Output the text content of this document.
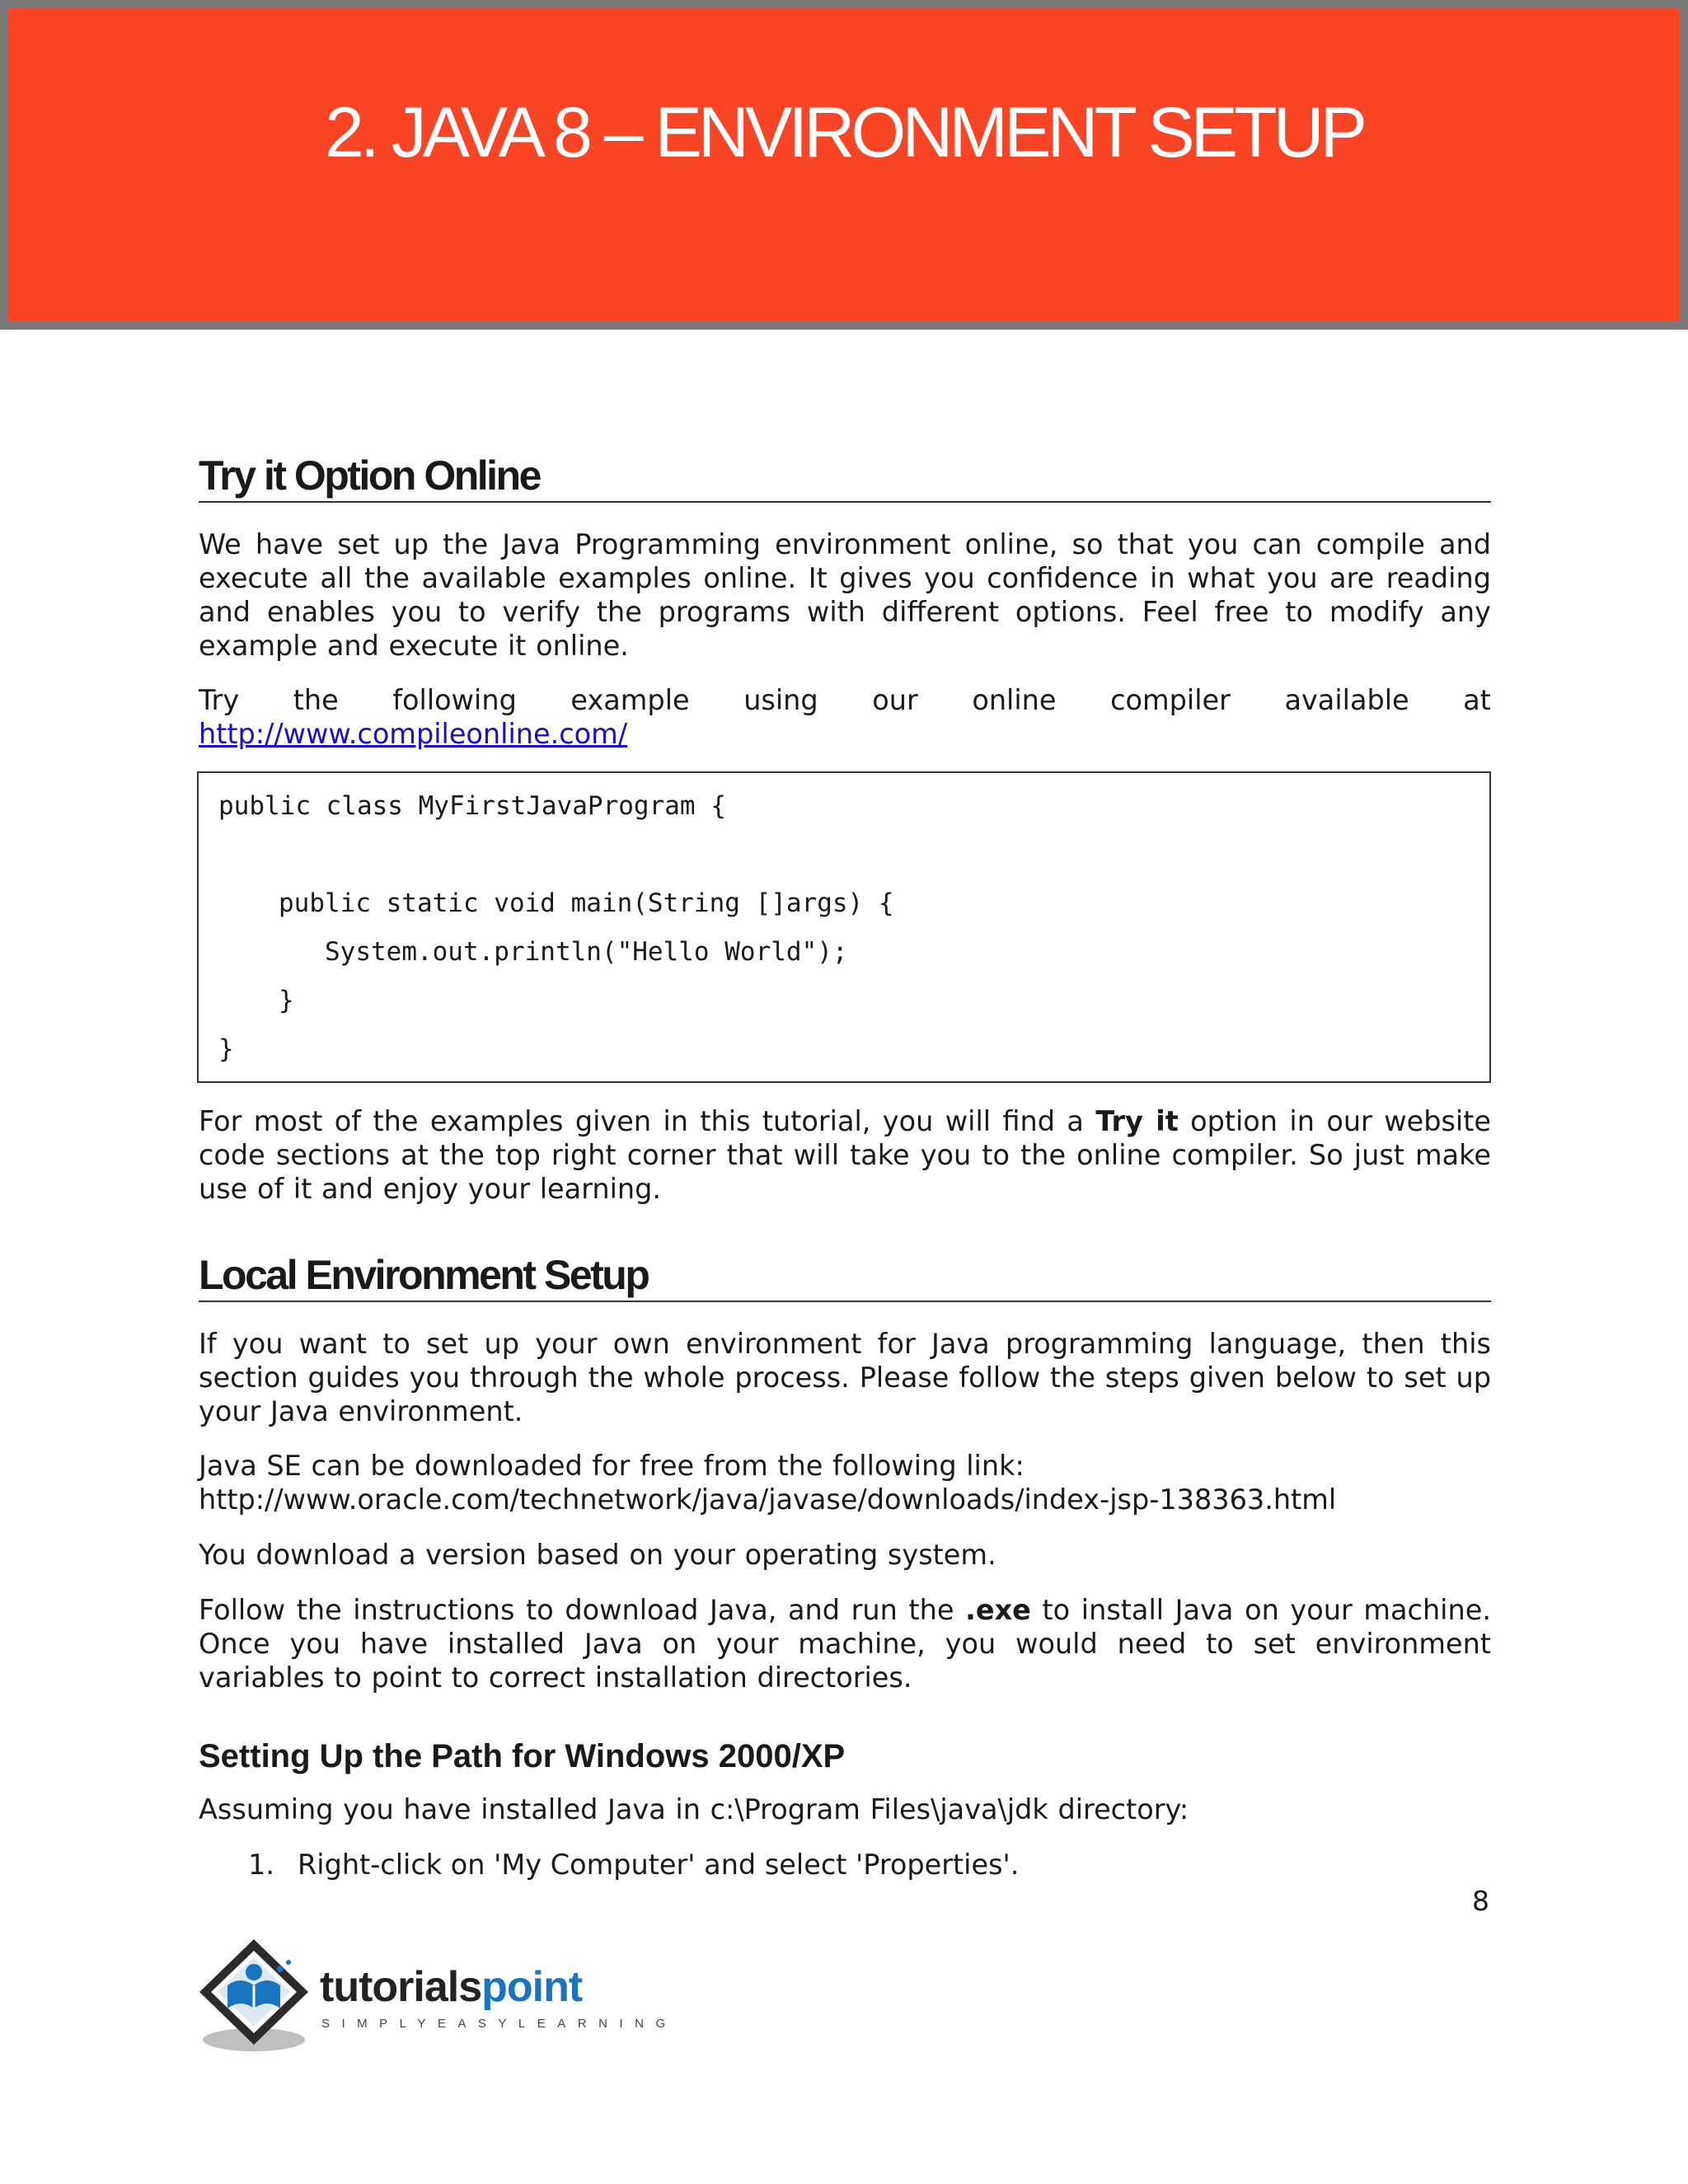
2. JAVA 8 – ENVIRONMENT SETUP
Try it Option Online

We have set up the Java Programming environment online, so that you can compile and execute all the available examples online. It gives you confidence in what you are reading and enables you to verify the programs with different options. Feel free to modify any example and execute it online.

Try the following example using our online compiler available at
http://www.compileonline.com/
public class MyFirstJavaProgram {
public static void main(String []args) {
System.out.println("Hello World");
}
}

For most of the examples given in this tutorial, you will find a Try it option in our website code sections at the top right corner that will take you to the online compiler. So just make use of it and enjoy your learning.

Local Environment Setup

If you want to set up your own environment for Java programming language, then this section guides you through the whole process. Please follow the steps given below to set up your Java environment.

Java SE can be downloaded for free from the following link:
http://www.oracle.com/technetwork/java/javase/downloads/index-jsp-138363.html

You download a version based on your operating system.

Follow the instructions to download Java, and run the .exe to install Java on your machine. Once you have installed Java on your machine, you would need to set environment variables to point to correct installation directories.

Setting Up the Path for Windows 2000/XP

Assuming you have installed Java in c:\Program Files\java\jdk directory:

1. Right-click on 'My Computer' and select 'Properties'.
8
tutorialspoint
SIMPLYEASYLEARNING
